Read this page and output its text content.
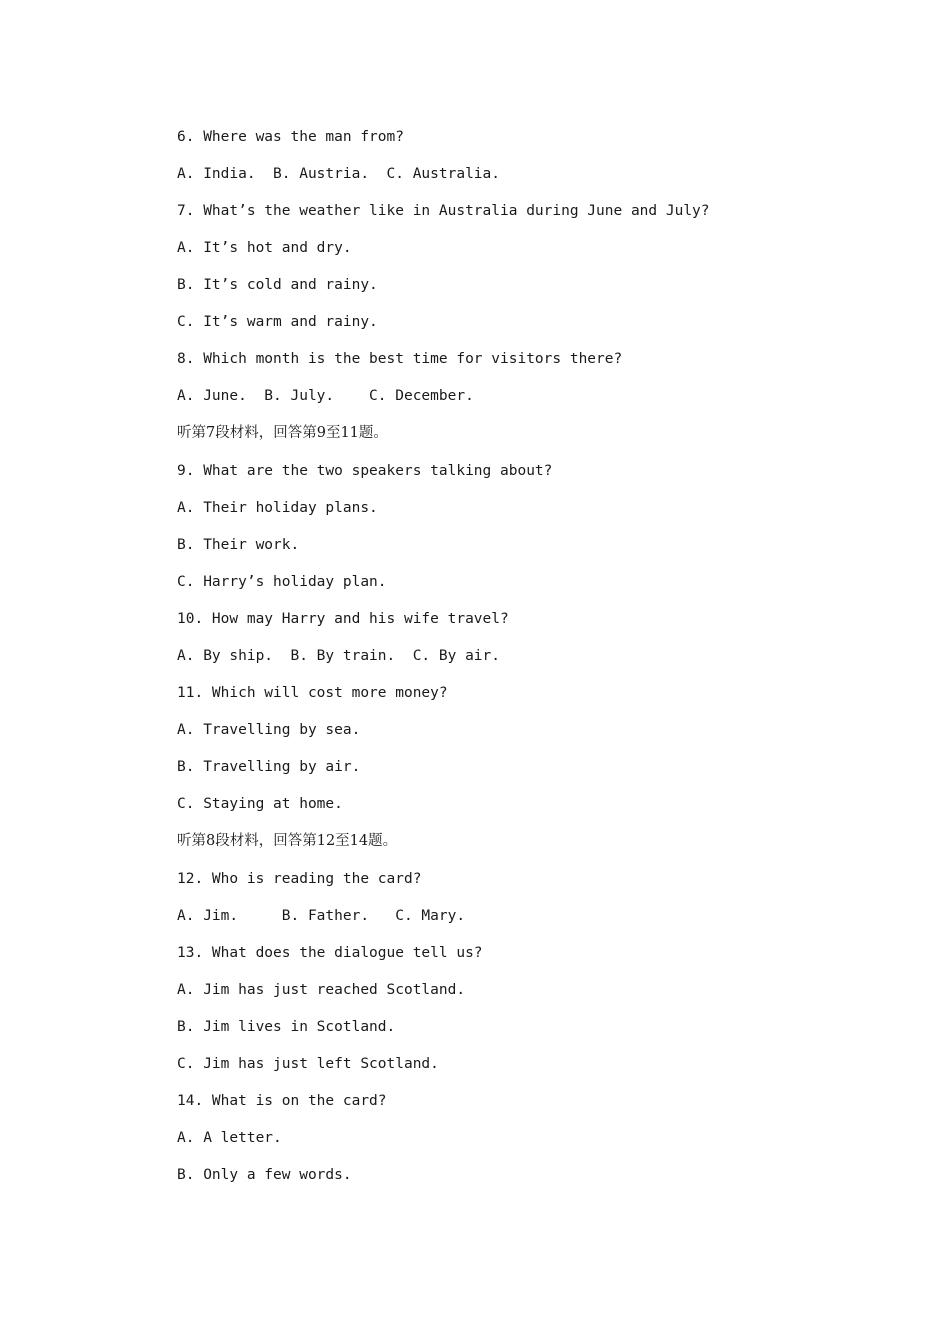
6. Where was the man from?
A. India.  B. Austria.  C. Australia.
7. What’s the weather like in Australia during June and July?
A. It’s hot and dry.
B. It’s cold and rainy.
C. It’s warm and rainy.
8. Which month is the best time for visitors there?
A. June.  B. July.    C. December.
听第7段材料，回答第9至11题。
9. What are the two speakers talking about?
A. Their holiday plans.
B. Their work.
C. Harry’s holiday plan.
10. How may Harry and his wife travel?
A. By ship.  B. By train.  C. By air.
11. Which will cost more money?
A. Travelling by sea.
B. Travelling by air.
C. Staying at home.
听第8段材料，回答第12至14题。
12. Who is reading the card?
A. Jim.     B. Father.   C. Mary.
13. What does the dialogue tell us?
A. Jim has just reached Scotland.
B. Jim lives in Scotland.
C. Jim has just left Scotland.
14. What is on the card?
A. A letter.
B. Only a few words.
